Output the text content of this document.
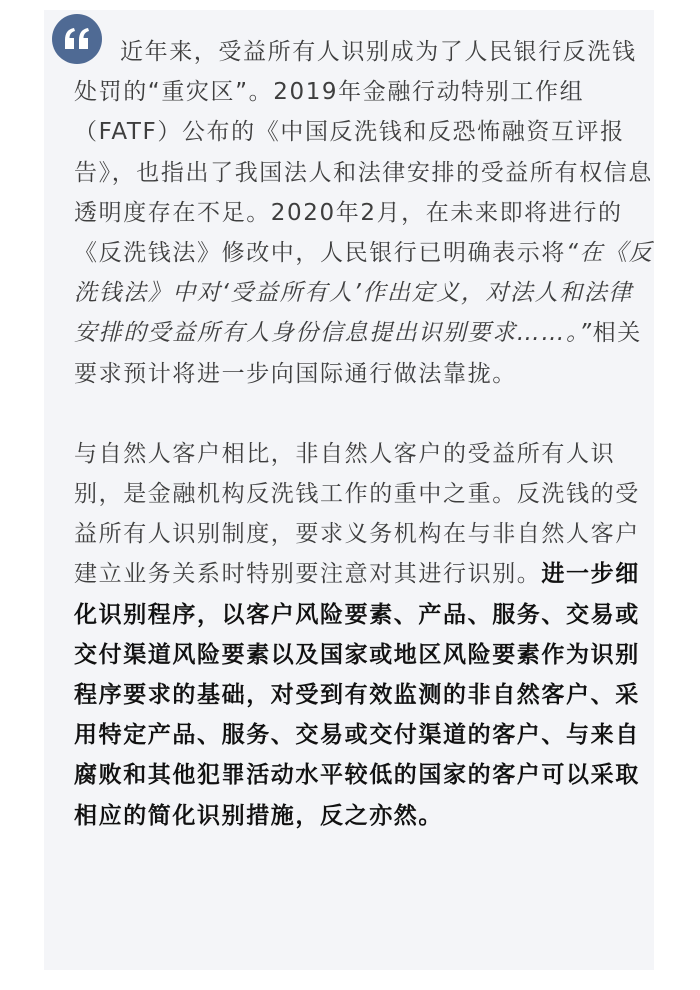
近年来，受益所有人识别成为了人民银行反洗钱处罚的“重灾区”。2019年金融行动特别工作组（FATF）公布的《中国反洗钱和反恐怖融资互评报告》，也指出了我国法人和法律安排的受益所有权信息透明度存在不足。2020年2月，在未来即将进行的《反洗钱法》修改中，人民银行已明确表示将“在《反洗钱法》中对‘受益所有人’作出定义，对法人和法律安排的受益所有人身份信息提出识别要求……。”相关要求预计将进一步向国际通行做法靠拢。

与自然人客户相比，非自然人客户的受益所有人识别，是金融机构反洗钱工作的重中之重。反洗钱的受益所有人识别制度，要求义务机构在与非自然人客户建立业务关系时特别要注意对其进行识别。进一步细化识别程序，以客户风险要素、产品、服务、交易或交付渠道风险要素以及国家或地区风险要素作为识别程序要求的基础，对受到有效监测的非自然客户、采用特定产品、服务、交易或交付渠道的客户、与来自腐败和其他犯罪活动水平较低的国家的客户可以采取相应的简化识别措施，反之亦然。
